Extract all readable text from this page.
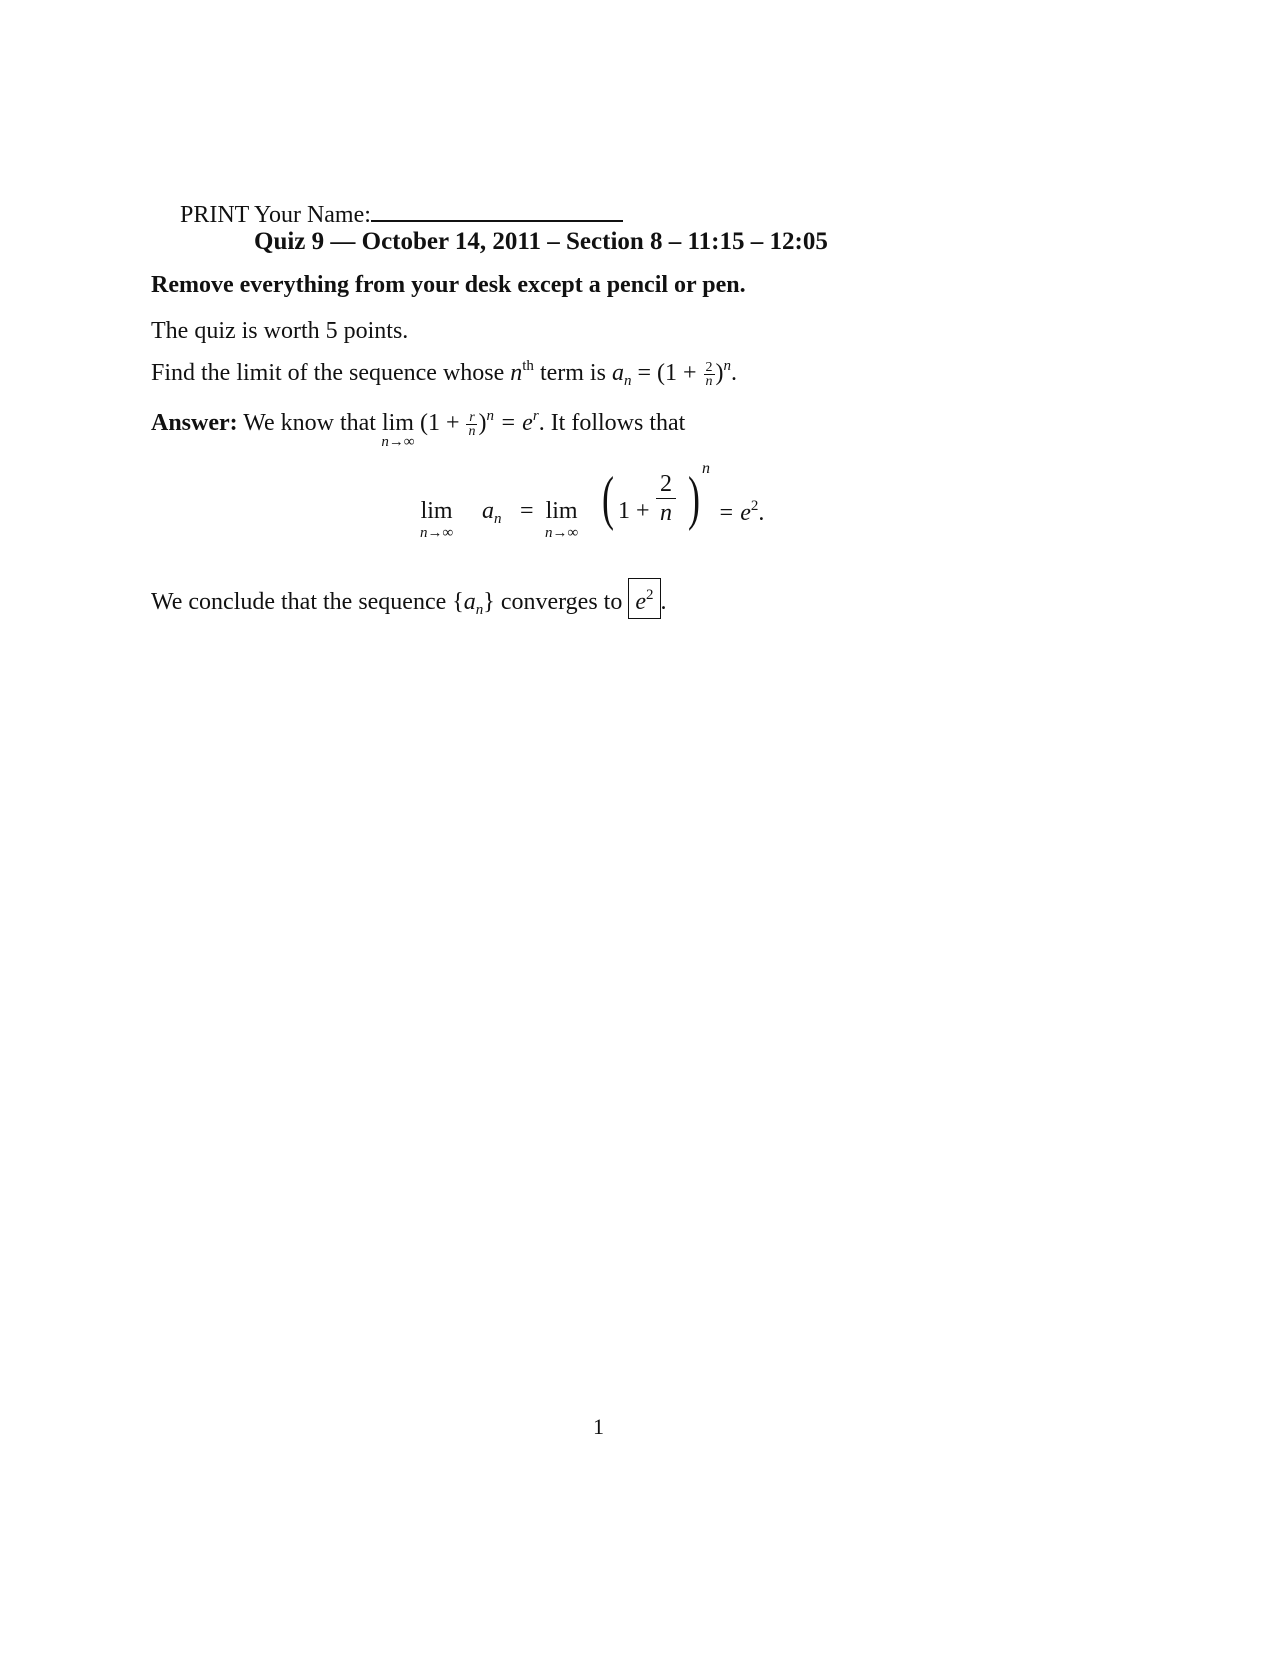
PRINT Your Name:
Quiz 9 — October 14, 2011 – Section 8 – 11:15 – 12:05
Remove everything from your desk except a pencil or pen.
The quiz is worth 5 points.
Find the limit of the sequence whose $n^{th}$ term is $a_n = (1 + \frac{2}{n} )^n$.
Answer: We know that lim
n→∞
$(1 + \frac{r}{n} )^n = e^r$. It follows that
lim
n→∞
$a_n = \lim$
n→∞
( $1 + \frac{2}{n}$ ) n
= $e^2$.
We conclude that the sequence $\{a_n\}$ converges to $e^2$ .
1
